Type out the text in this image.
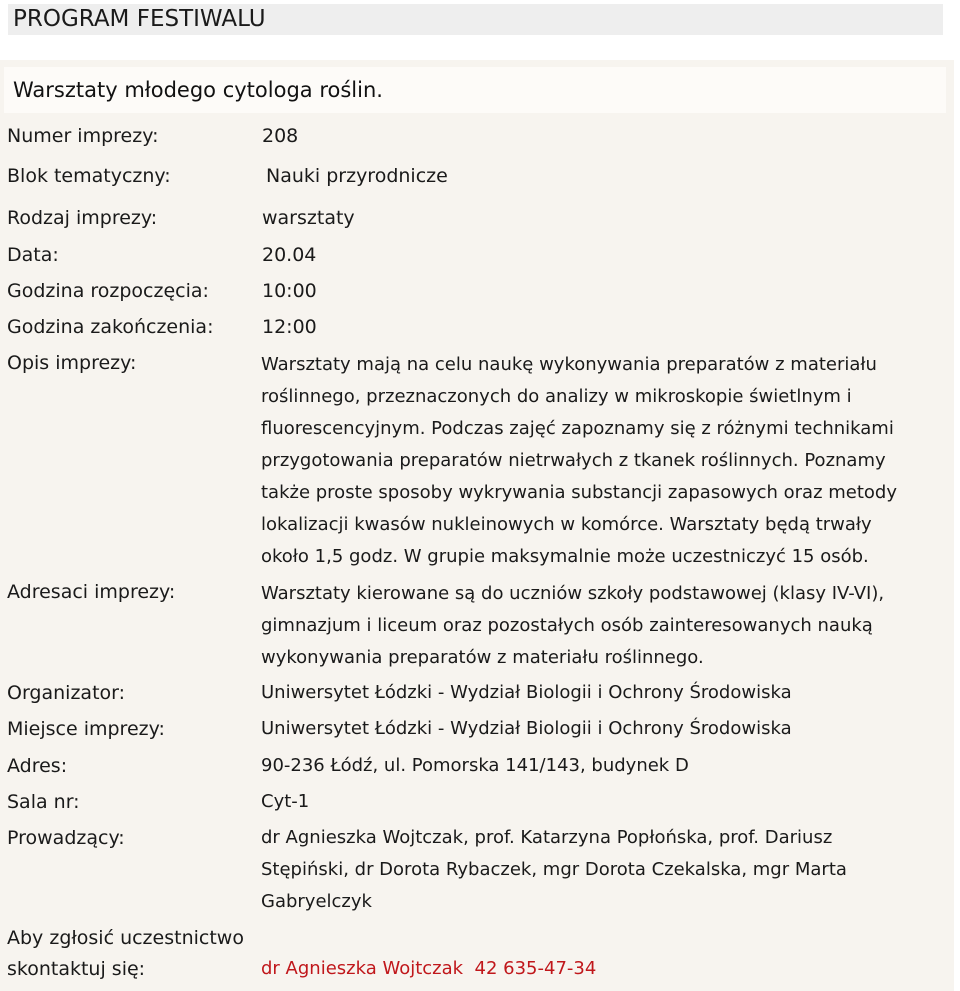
PROGRAM FESTIWALU
Warsztaty młodego cytologa roślin.
Numer imprezy:	208
Blok tematyczny:	Nauki przyrodnicze
Rodzaj imprezy:	warsztaty
Data:	20.04
Godzina rozpoczęcia:	10:00
Godzina zakończenia:	12:00
Opis imprezy:	Warsztaty mają na celu naukę wykonywania preparatów z materiału
roślinnego, przeznaczonych do analizy w mikroskopie świetlnym i
fluorescencyjnym. Podczas zajęć zapoznamy się z różnymi technikami
przygotowania preparatów nietrwałych z tkanek roślinnych. Poznamy
także proste sposoby wykrywania substancji zapasowych oraz metody
lokalizacji kwasów nukleinowych w komórce. Warsztaty będą trwały
około 1,5 godz. W grupie maksymalnie może uczestniczyć 15 osób.
Adresaci imprezy:	Warsztaty kierowane są do uczniów szkoły podstawowej (klasy IV-VI),
gimnazjum i liceum oraz pozostałych osób zainteresowanych nauką
wykonywania preparatów z materiału roślinnego.
Organizator:	Uniwersytet Łódzki - Wydział Biologii i Ochrony Środowiska
Miejsce imprezy:	Uniwersytet Łódzki - Wydział Biologii i Ochrony Środowiska
Adres:	90-236 Łódź, ul. Pomorska 141/143, budynek D
Sala nr:	Cyt-1
Prowadzący:	dr Agnieszka Wojtczak, prof. Katarzyna Popłońska, prof. Dariusz
Stępiński, dr Dorota Rybaczek, mgr Dorota Czekalska, mgr Marta
Gabryelczyk
Aby zgłosić uczestnictwo
skontaktuj się:	dr Agnieszka Wojtczak  42 635-47-34
